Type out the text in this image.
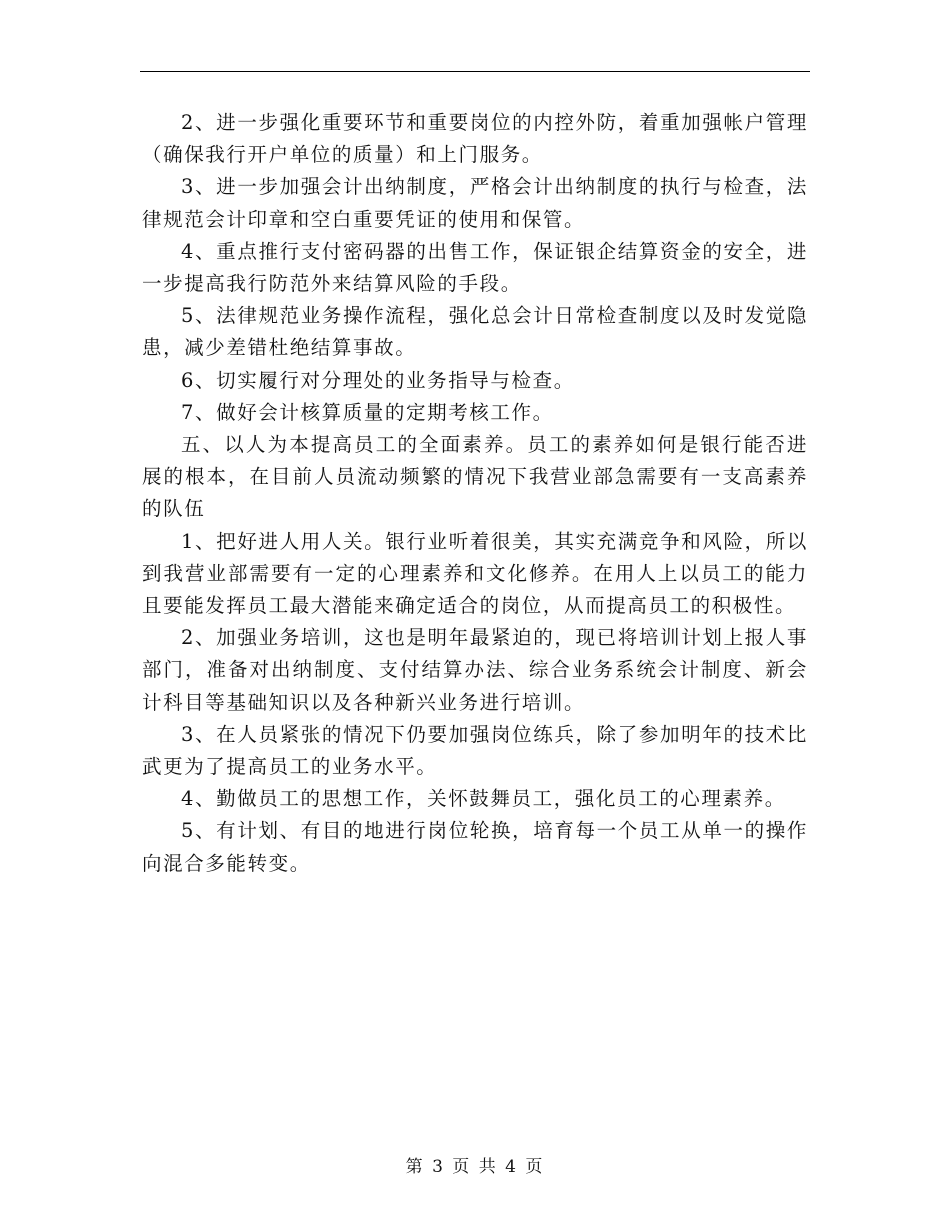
2、进一步强化重要环节和重要岗位的内控外防，着重加强帐户管理（确保我行开户单位的质量）和上门服务。

3、进一步加强会计出纳制度，严格会计出纳制度的执行与检查，法律规范会计印章和空白重要凭证的使用和保管。

4、重点推行支付密码器的出售工作，保证银企结算资金的安全，进一步提高我行防范外来结算风险的手段。

5、法律规范业务操作流程，强化总会计日常检查制度以及时发觉隐患，减少差错杜绝结算事故。

6、切实履行对分理处的业务指导与检查。

7、做好会计核算质量的定期考核工作。

五、以人为本提高员工的全面素养。员工的素养如何是银行能否进展的根本，在目前人员流动频繁的情况下我营业部急需要有一支高素养的队伍

1、把好进人用人关。银行业听着很美，其实充满竞争和风险，所以到我营业部需要有一定的心理素养和文化修养。在用人上以员工的能力且要能发挥员工最大潜能来确定适合的岗位，从而提高员工的积极性。

2、加强业务培训，这也是明年最紧迫的，现已将培训计划上报人事部门，准备对出纳制度、支付结算办法、综合业务系统会计制度、新会计科目等基础知识以及各种新兴业务进行培训。

3、在人员紧张的情况下仍要加强岗位练兵，除了参加明年的技术比武更为了提高员工的业务水平。

4、勤做员工的思想工作，关怀鼓舞员工，强化员工的心理素养。

5、有计划、有目的地进行岗位轮换，培育每一个员工从单一的操作向混合多能转变。

第 3 页 共 4 页
